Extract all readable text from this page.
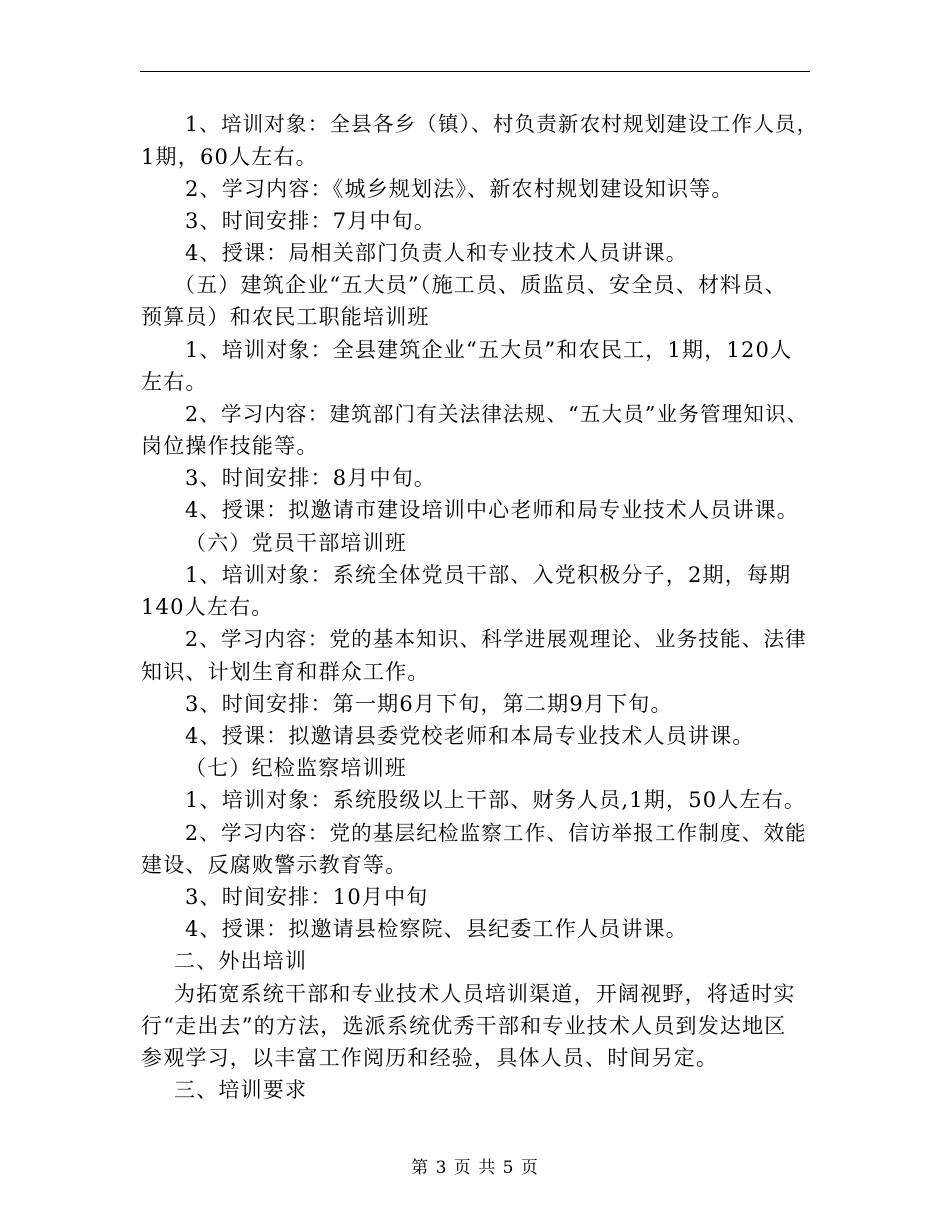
1、培训对象：全县各乡（镇）、村负责新农村规划建设工作人员，
1期，60人左右。
2、学习内容：《城乡规划法》、新农村规划建设知识等。
3、时间安排：7月中旬。
4、授课：局相关部门负责人和专业技术人员讲课。
（五）建筑企业“五大员”（施工员、质监员、安全员、材料员、
预算员）和农民工职能培训班
1、培训对象：全县建筑企业“五大员”和农民工，1期，120人
左右。
2、学习内容：建筑部门有关法律法规、“五大员”业务管理知识、
岗位操作技能等。
3、时间安排：8月中旬。
4、授课：拟邀请市建设培训中心老师和局专业技术人员讲课。
（六）党员干部培训班
1、培训对象：系统全体党员干部、入党积极分子，2期，每期
140人左右。
2、学习内容：党的基本知识、科学进展观理论、业务技能、法律
知识、计划生育和群众工作。
3、时间安排：第一期6月下旬，第二期9月下旬。
4、授课：拟邀请县委党校老师和本局专业技术人员讲课。
（七）纪检监察培训班
1、培训对象：系统股级以上干部、财务人员,1期，50人左右。
2、学习内容：党的基层纪检监察工作、信访举报工作制度、效能
建设、反腐败警示教育等。
3、时间安排：10月中旬
4、授课：拟邀请县检察院、县纪委工作人员讲课。
二、外出培训
为拓宽系统干部和专业技术人员培训渠道，开阔视野，将适时实
行“走出去”的方法，选派系统优秀干部和专业技术人员到发达地区
参观学习，以丰富工作阅历和经验，具体人员、时间另定。
三、培训要求
第 3 页 共 5 页
